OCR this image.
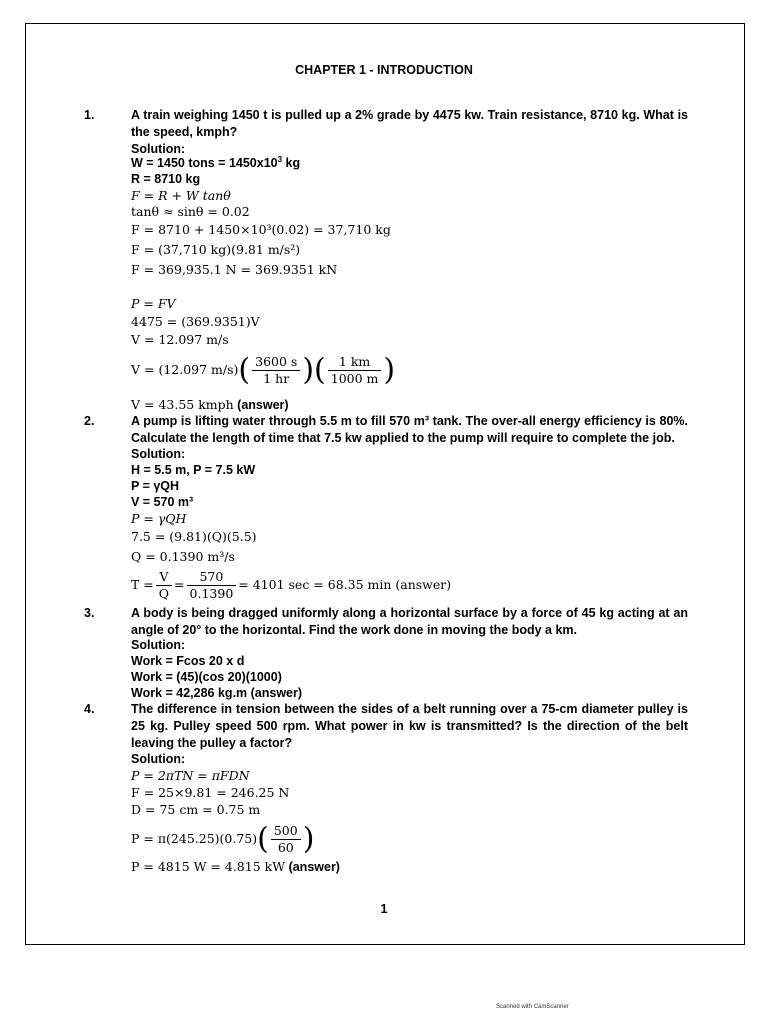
CHAPTER 1 - INTRODUCTION
1.	A train weighing 1450 t is pulled up a 2% grade by 4475 kw. Train resistance, 8710 kg. What is the speed, kmph?
Solution:
W = 1450 tons = $1450x10^3$ kg
R = 8710 kg
F = R + W tanθ
tanθ ≈ sinθ = 0.02
F = 8710 + 1450×10³(0.02) = 37,710 kg
F = (37,710 kg)(9.81 m/s²)
F = 369,935.1 N = 369.9351 kN
P = FV
4475 = (369.9351)V
V = 12.097 m/s
V = (12.097 $m/s)( \frac{3600 s}{1 hr}$ )( $\frac{1 km}{1000 m}$ )
V = 43.55 kmph (answer)
2.	A pump is lifting water through 5.5 m to fill 570 m³ tank. The over-all energy efficiency is 80%. Calculate the length of time that 7.5 kw applied to the pump will require to complete the job.
Solution:
H = 5.5 m, P = 7.5 kW
P = γQH
V = 570 m³
P = γQH
7.5 = (9.81)(Q)(5.5)
Q = 0.1390 m³/s
$T = \frac{V}{Q} = \frac{570}{0.1390} = 4101$ sec = 68.35 min (answer)
3.	A body is being dragged uniformly along a horizontal surface by a force of 45 kg acting at an angle of 20° to the horizontal. Find the work done in moving the body a km.
Solution:
Work = Fcos 20 x d
Work = (45)(cos 20)(1000)
Work = 42,286 kg.m (answer)
4.	The difference in tension between the sides of a belt running over a 75-cm diameter pulley is 25 kg. Pulley speed 500 rpm. What power in kw is transmitted? Is the direction of the belt leaving the pulley a factor?
Solution:
P = 2πTN = πFDN
F = 25×9.81 = 246.25 N
D = 75 cm = 0.75 m
$P = \pi(245.25)(0.75)( \frac{500}{60}$ )
P = 4815 W = 4.815 kW (answer)
1
Scanned with CamScanner
